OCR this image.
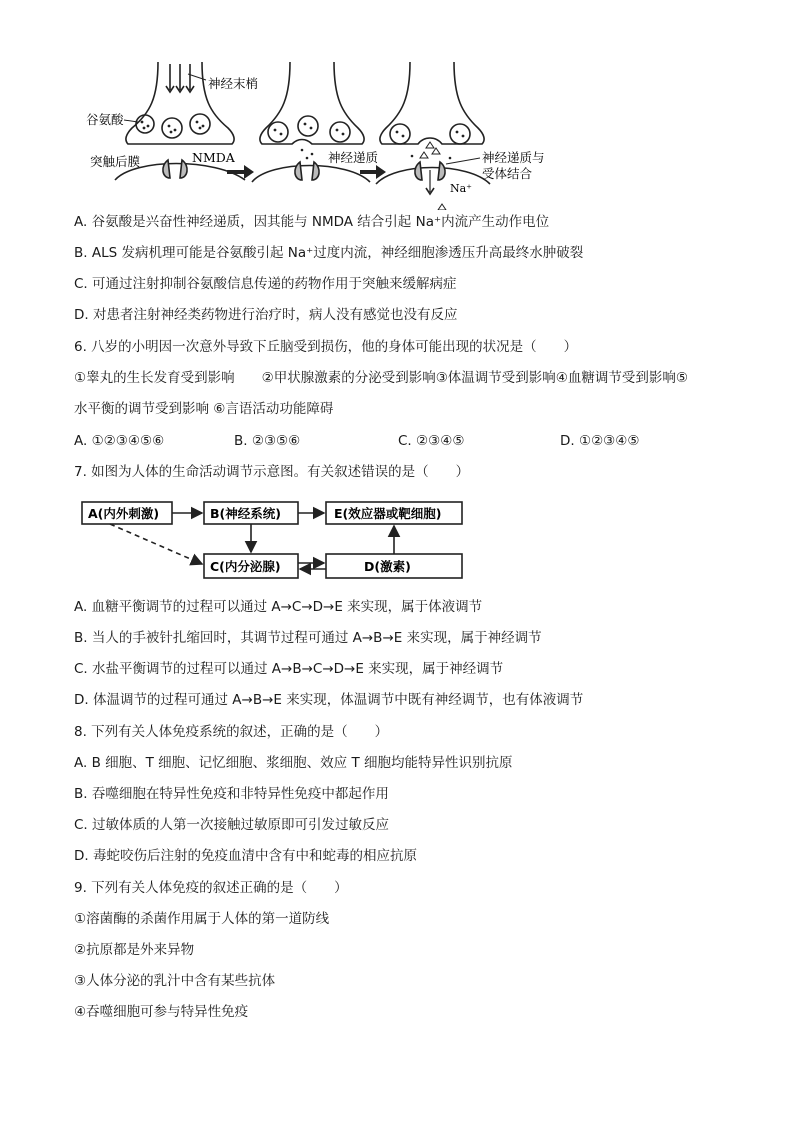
神经末梢
谷氨酸
突触后膜	NMDA	神经递质	神经递质与
受体结合
Na⁺
A. 谷氨酸是兴奋性神经递质，因其能与 NMDA 结合引起 Na⁺内流产生动作电位
B. ALS 发病机理可能是谷氨酸引起 Na⁺过度内流，神经细胞渗透压升高最终水肿破裂
C. 可通过注射抑制谷氨酸信息传递的药物作用于突触来缓解病症
D. 对患者注射神经类药物进行治疗时，病人没有感觉也没有反应
6. 八岁的小明因一次意外导致下丘脑受到损伤，他的身体可能出现的状况是（　　）
①睾丸的生长发育受到影响　　②甲状腺激素的分泌受到影响③体温调节受到影响④血糖调节受到影响⑤
水平衡的调节受到影响 ⑥言语活动功能障碍
A. ①②③④⑤⑥	B. ②③⑤⑥	C. ②③④⑤	D. ①②③④⑤
7. 如图为人体的生命活动调节示意图。有关叙述错误的是（　　）
A(内外刺激)	B(神经系统)	E(效应器或靶细胞)
C(内分泌腺)	D(激素)
A. 血糖平衡调节的过程可以通过 A→C→D→E 来实现，属于体液调节
B. 当人的手被针扎缩回时，其调节过程可通过 A→B→E 来实现，属于神经调节
C. 水盐平衡调节的过程可以通过 A→B→C→D→E 来实现，属于神经调节
D. 体温调节的过程可通过 A→B→E 来实现，体温调节中既有神经调节，也有体液调节
8. 下列有关人体免疫系统的叙述，正确的是（　　）
A. B 细胞、T 细胞、记忆细胞、浆细胞、效应 T 细胞均能特异性识别抗原
B. 吞噬细胞在特异性免疫和非特异性免疫中都起作用
C. 过敏体质的人第一次接触过敏原即可引发过敏反应
D. 毒蛇咬伤后注射的免疫血清中含有中和蛇毒的相应抗原
9. 下列有关人体免疫的叙述正确的是（　　）
①溶菌酶的杀菌作用属于人体的第一道防线
②抗原都是外来异物
③人体分泌的乳汁中含有某些抗体
④吞噬细胞可参与特异性免疫
